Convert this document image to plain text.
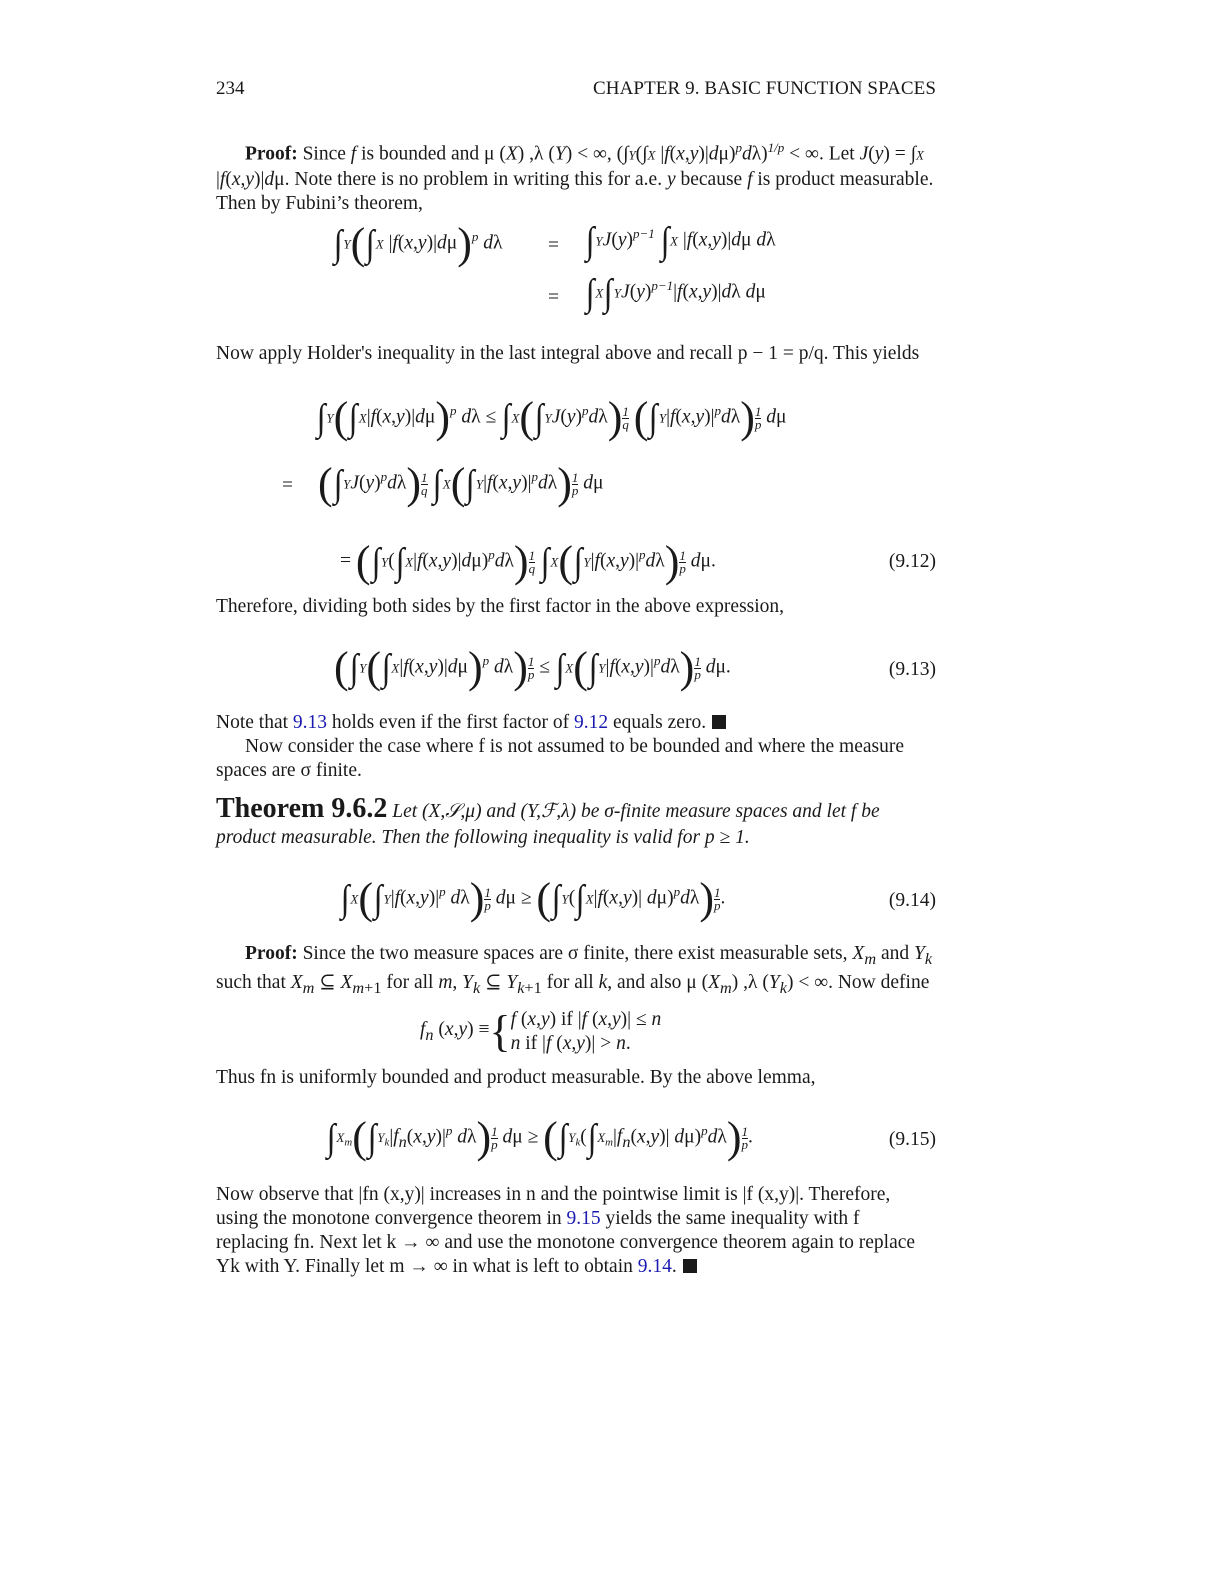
234	CHAPTER 9. BASIC FUNCTION SPACES
Proof: Since f is bounded and μ (X) ,λ (Y) < ∞, (∫Y(∫X |f(x,y)|dμ)$^p$dλ)$^{1/p}$ < ∞. Let J(y) = ∫X |f(x,y)|dμ. Note there is no problem in writing this for a.e. y because f is product measurable. Then by Fubini’s theorem,
∫Y(∫X |f(x,y)|dμ)$^p$ $d\lambda = \int YJ(y)^{p-1}$ ∫X |f(x,y)|dμ dλ
= $\int X\int YJ(y)^{p-1}|f(x,y)|d\lambda$ dμ
Now apply Holder's inequality in the last integral above and recall p − 1 = p/q. This yields
$\int Y(\int X|f(x,y)|d\mu)^p$ $d\lambda \le \int X(\int YJ(y)^pd\lambda) \frac{1}{q} (\int Y|f(x,y)|^pd\lambda) \frac{1}{p}$ dμ
= $(\int YJ(y)^pd\lambda) \frac{1}{q} \int X(\int Y|f(x,y)|^pd\lambda) \frac{1}{p}$ dμ
= $(\int Y(\int X|f(x,y)|d\mu)^pd\lambda) \frac{1}{q} \int X(\int Y|f(x,y)|^pd\lambda) \frac{1}{p} d\mu$.	(9.12)
Therefore, dividing both sides by the first factor in the above expression,
($\int Y(\int X|f(x,y)|d\mu)^p$ $d\lambda) \frac{1}{p} \le \int X(\int Y|f(x,y)|^pd\lambda) \frac{1}{p} d\mu$.	(9.13)
Note that 9.13 holds even if the first factor of 9.12 equals zero.
Now consider the case where f is not assumed to be bounded and where the measure spaces are σ finite.
Theorem 9.6.2 Let (X,𝒮,μ) and (Y,ℱ,λ) be σ-finite measure spaces and let f be product measurable. Then the following inequality is valid for p ≥ 1.
$\int X(\int Y|f(x,y)|^p$ $d\lambda) \frac{1}{p}$ dμ ≥ (∫Y(∫X|f(x,y)| $d\mu)^pd\lambda) \frac{1}{p}$ .	(9.14)
Proof: Since the two measure spaces are σ finite, there exist measurable sets, $X_m$ and $Y_k$ such that $X_m$ ⊆ $X_{m+1}$ for all m, $Y_k$ ⊆ $Y_{k+1}$ for all k, and also μ $(X_m)$ ,λ $(Y_k)$ < ∞. Now define
$f_n$ (x,y) ≡{f (x,y) if |f (x,y)| ≤ n
n if |f (x,y)| > n.
Thus fn is uniformly bounded and product measurable. By the above lemma,
$\int X_m(\int Y_k|f_n(x,y)|^p$ $d\lambda) \frac{1}{p}$ $d\mu \ge (\int Y_k(\int X_m|f_n(x,y)|$ $d\mu)^pd\lambda) \frac{1}{p}$ .	(9.15)
Now observe that |fn (x,y)| increases in n and the pointwise limit is |f (x,y)|. Therefore, using the monotone convergence theorem in 9.15 yields the same inequality with f replacing fn. Next let k → ∞ and use the monotone convergence theorem again to replace Yk with Y. Finally let m → ∞ in what is left to obtain 9.14.
